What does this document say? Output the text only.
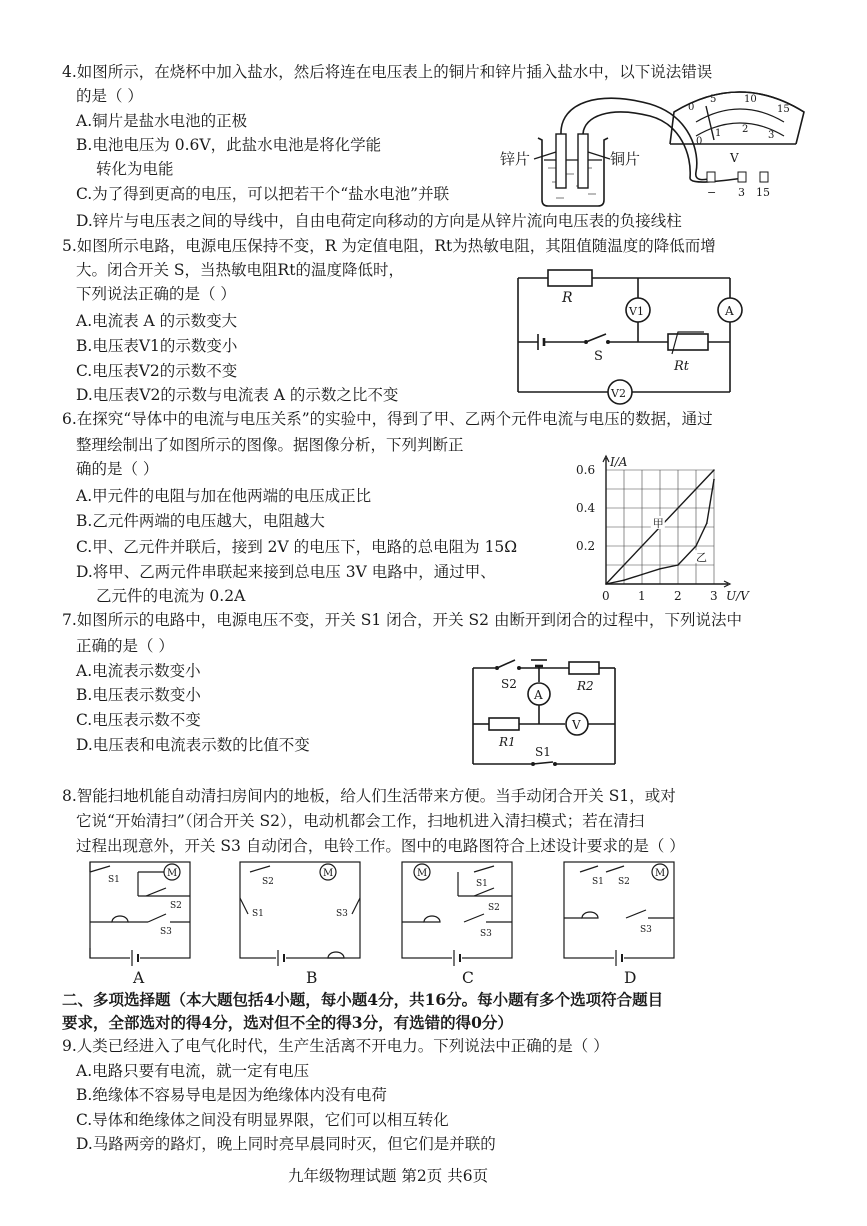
4.如图所示，在烧杯中加入盐水，然后将连在电压表上的铜片和锌片插入盐水中，以下说法错误
的是（ ）
A.铜片是盐水电池的正极
B.电池电压为 0.6V，此盐水电池是将化学能
转化为电能
C.为了得到更高的电压，可以把若干个“盐水电池”并联
D.锌片与电压表之间的导线中，自由电荷定向移动的方向是从锌片流向电压表的负接线柱
锌片	铜片
0
5	10
15
0
1 2
3
V
− 3 15
5.如图所示电路，电源电压保持不变，R 为定值电阻，Rt为热敏电阻，其阻值随温度的降低而增
大。闭合开关 S，当热敏电阻Rt的温度降低时，
下列说法正确的是（ ）
A.电流表 A 的示数变大
B.电压表V1的示数变小
C.电压表V2的示数不变
D.电压表V2的示数与电流表 A 的示数之比不变
R
A
V1
S
Rt
V2
6.在探究“导体中的电流与电压关系”的实验中，得到了甲、乙两个元件电流与电压的数据，通过
整理绘制出了如图所示的图像。据图像分析，下列判断正
确的是（ ）
A.甲元件的电阻与加在他两端的电压成正比
B.乙元件两端的电压越大，电阻越大
C.甲、乙元件并联后，接到 2V 的电压下，电路的总电阻为 15Ω
D.将甲、乙两元件串联起来接到总电压 3V 电路中，通过甲、
乙元件的电流为 0.2A	0 1 2 3
0.2
0.4
0.6
I/A
U/V
甲
乙
7.如图所示的电路中，电源电压不变，开关 S1 闭合，开关 S2 由断开到闭合的过程中，下列说法中
正确的是（ ）
A.电流表示数变小
B.电压表示数变小
C.电压表示数不变
D.电压表和电流表示数的比值不变
S2	R2
A
R1
V
S1
8.智能扫地机能自动清扫房间内的地板，给人们生活带来方便。当手动闭合开关 S1，或对
它说“开始清扫”（闭合开关 S2），电动机都会工作，扫地机进入清扫模式；若在清扫
过程出现意外，开关 S3 自动闭合，电铃工作。图中的电路图符合上述设计要求的是（ ）
S1
M
S2
S3
A
S2
M
S1	S3
B
M
S1
S2
S3
C
S1 S2
M
S3
D
二、多项选择题（本大题包括4小题，每小题4分，共16分。每小题有多个选项符合题目
要求，全部选对的得4分，选对但不全的得3分，有选错的得0分）
9.人类已经进入了电气化时代，生产生活离不开电力。下列说法中正确的是（ ）
A.电路只要有电流，就一定有电压
B.绝缘体不容易导电是因为绝缘体内没有电荷
C.导体和绝缘体之间没有明显界限，它们可以相互转化
D.马路两旁的路灯，晚上同时亮早晨同时灭，但它们是并联的
九年级物理试题 第2页 共6页
